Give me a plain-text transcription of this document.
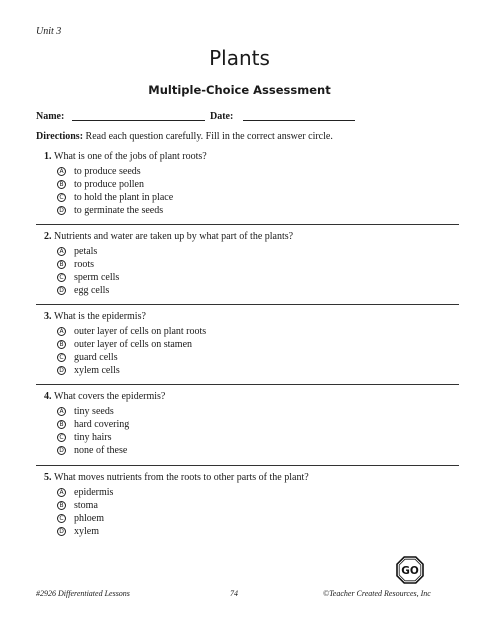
Unit 3
Plants
Multiple-Choice Assessment
Name:	Date:
Directions: Read each question carefully. Fill in the correct answer circle.
1. What is one of the jobs of plant roots?
A to produce seeds
B to produce pollen
C to hold the plant in place
D to germinate the seeds
2. Nutrients and water are taken up by what part of the plants?
A petals
B roots
C sperm cells
D egg cells
3. What is the epidermis?
A outer layer of cells on plant roots
B outer layer of cells on stamen
C guard cells
D xylem cells
4. What covers the epidermis?
A tiny seeds
B hard covering
C tiny hairs
D none of these
5. What moves nutrients from the roots to other parts of the plant?
A epidermis
B stoma
C phloem
D xylem
GO
#2926 Differentiated Lessons	74	©Teacher Created Resources, Inc
